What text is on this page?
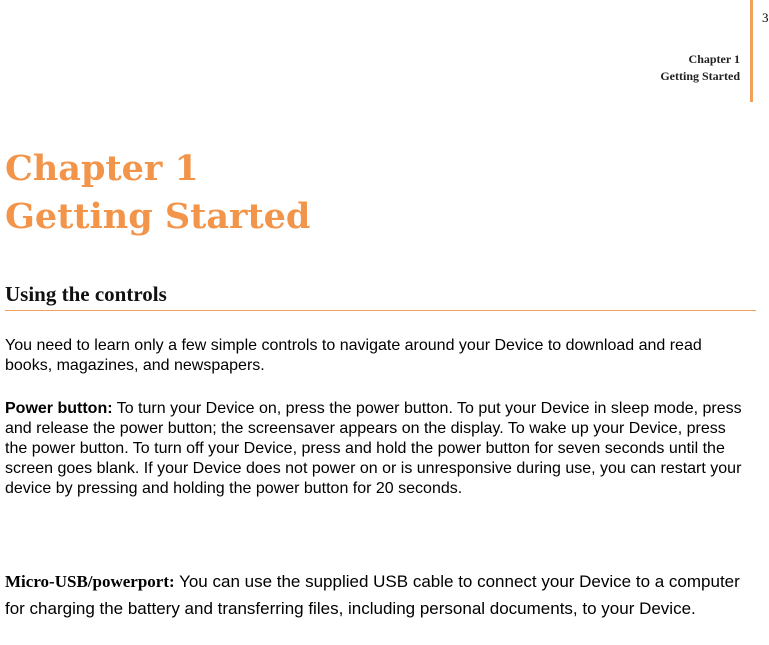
3
Chapter 1
Getting Started
Chapter 1
Getting Started
Using the controls

You need to learn only a few simple controls to navigate around your Device to download and read books, magazines, and newspapers.

Power button: To turn your Device on, press the power button. To put your Device in sleep mode, press and release the power button; the screensaver appears on the display. To wake up your Device, press the power button. To turn off your Device, press and hold the power button for seven seconds until the screen goes blank. If your Device does not power on or is unresponsive during use, you can restart your device by pressing and holding the power button for 20 seconds.

Micro-USB/powerport: You can use the supplied USB cable to connect your Device to a computer for charging the battery and transferring files, including personal documents, to your Device.
